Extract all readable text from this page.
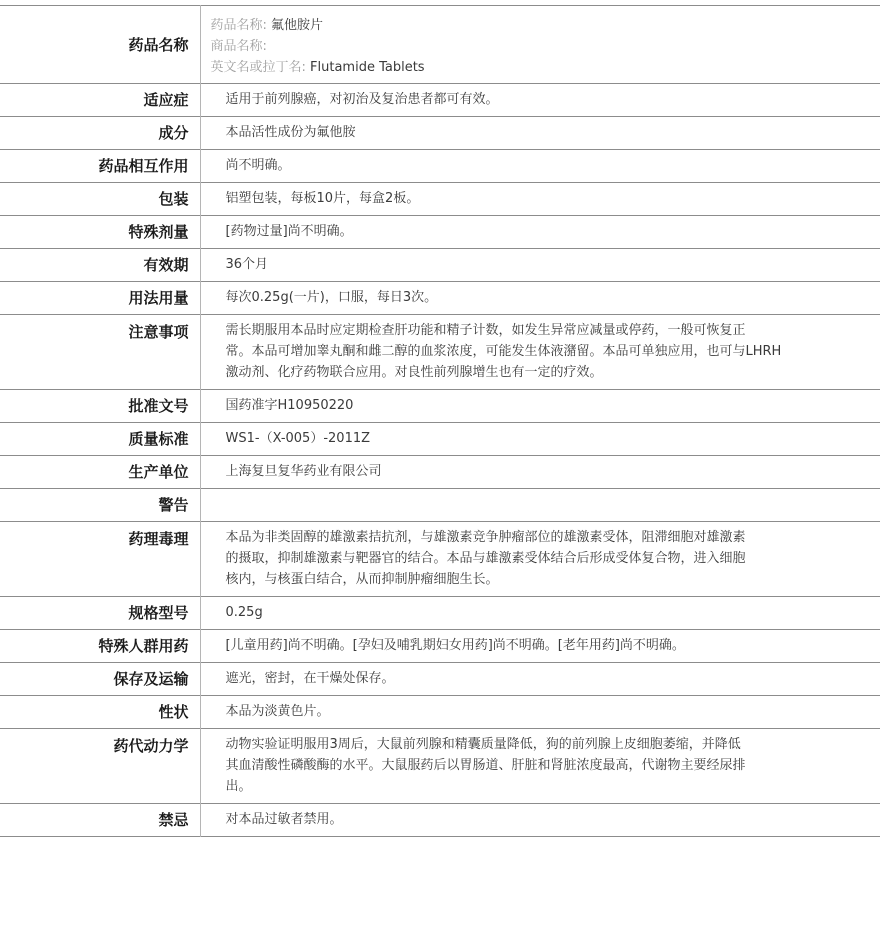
药品名称	药品名称: 氟他胺片
商品名称:
英文名或拉丁名: Flutamide Tablets

适应症	适用于前列腺癌，对初治及复治患者都可有效。
成分	本品活性成份为氟他胺
药品相互作用	尚不明确。
包装	铝塑包装，每板10片，每盒2板。
特殊剂量	[药物过量]尚不明确。
有效期	36个月
用法用量	每次0.25g(一片)，口服，每日3次。
注意事项	需长期服用本品时应定期检查肝功能和精子计数，如发生异常应减量或停药，一般可恢复正
常。本品可增加睾丸酮和雌二醇的血浆浓度，可能发生体液潴留。本品可单独应用，也可与LHRH
激动剂、化疗药物联合应用。对良性前列腺增生也有一定的疗效。

批准文号	国药准字H10950220
质量标准	WS1-（X-005）-2011Z
生产单位	上海复旦复华药业有限公司
警告	
药理毒理	本品为非类固醇的雄激素拮抗剂，与雄激素竞争肿瘤部位的雄激素受体，阻滞细胞对雄激素
的摄取，抑制雄激素与靶器官的结合。本品与雄激素受体结合后形成受体复合物，进入细胞
核内，与核蛋白结合，从而抑制肿瘤细胞生长。

规格型号	0.25g
特殊人群用药	[儿童用药]尚不明确。[孕妇及哺乳期妇女用药]尚不明确。[老年用药]尚不明确。
保存及运输	遮光，密封，在干燥处保存。
性状	本品为淡黄色片。
药代动力学	动物实验证明服用3周后，大鼠前列腺和精囊质量降低，狗的前列腺上皮细胞萎缩，并降低
其血清酸性磷酸酶的水平。大鼠服药后以胃肠道、肝脏和肾脏浓度最高，代谢物主要经尿排
出。

禁忌	对本品过敏者禁用。
